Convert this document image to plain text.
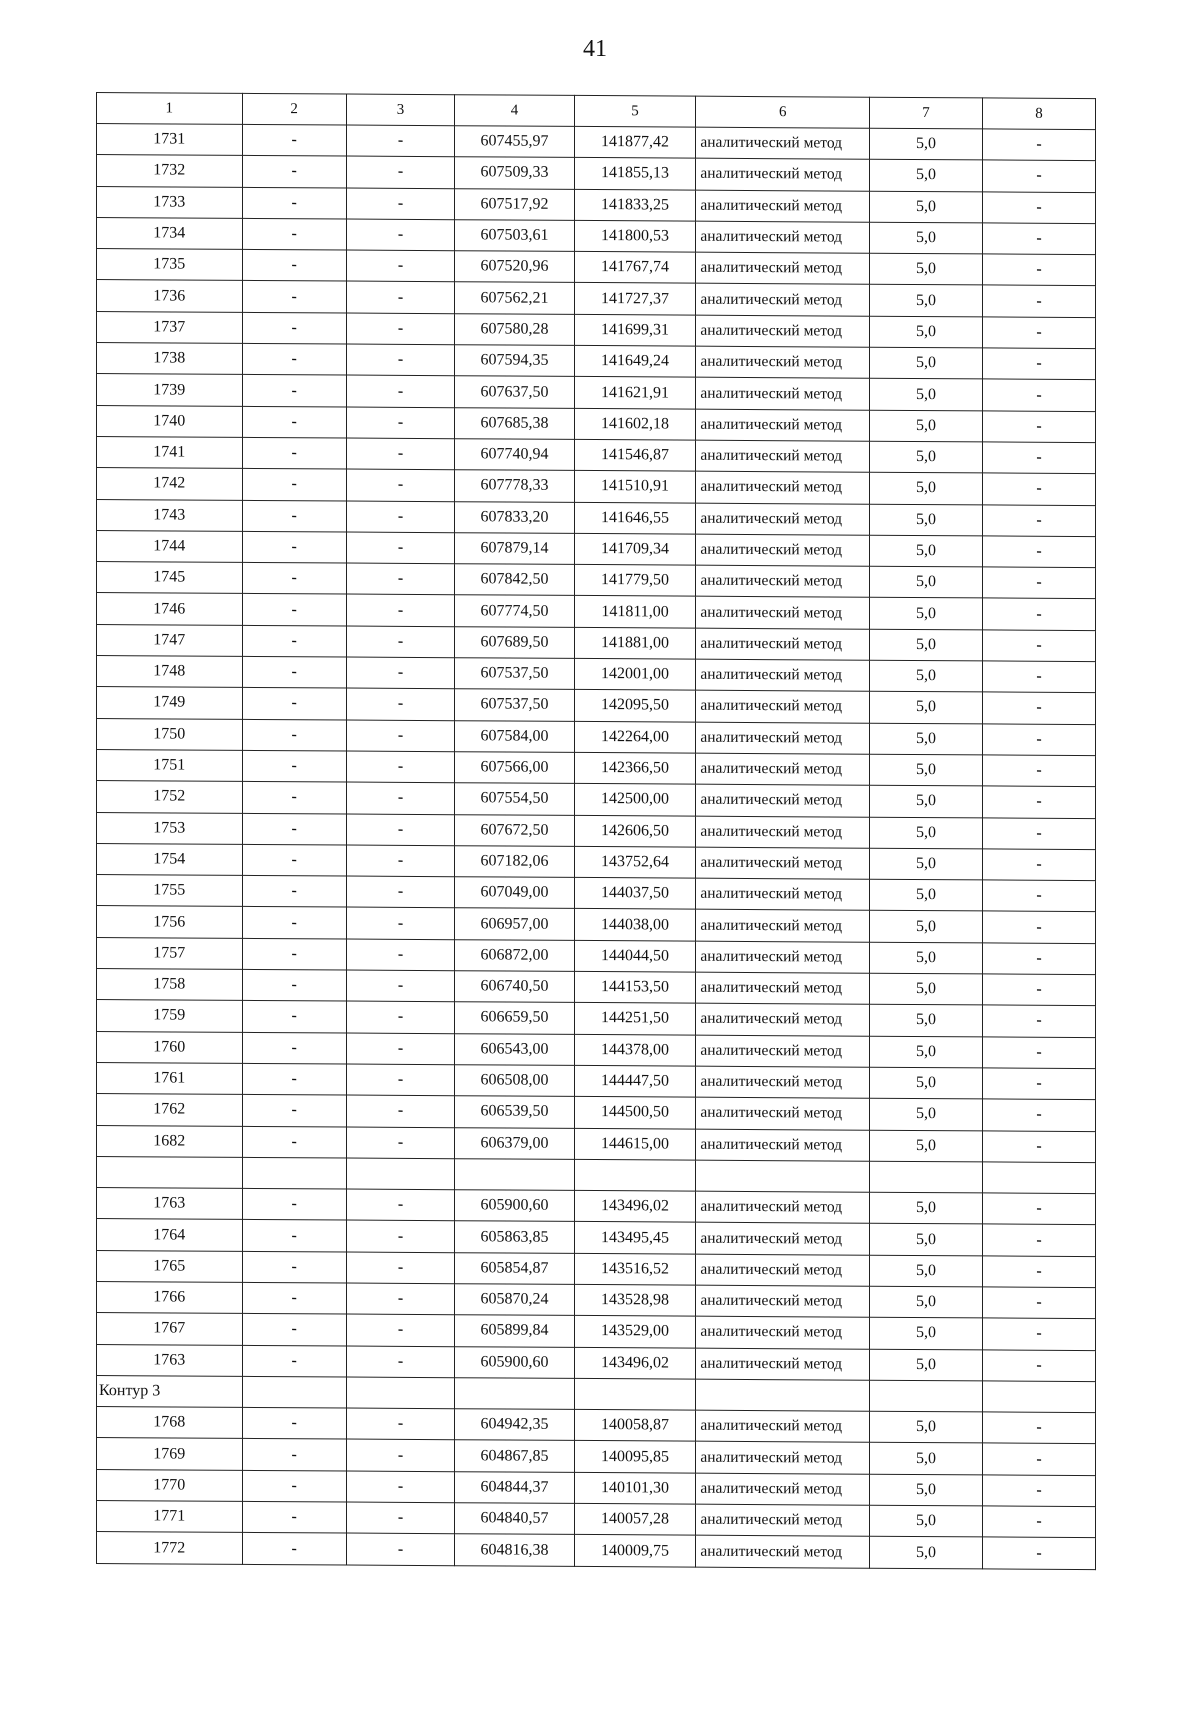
41
1	2	3	4	5	6	7	8
1731	-	-	607455,97	141877,42	аналитический метод	5,0	-
1732	-	-	607509,33	141855,13	аналитический метод	5,0	-
1733	-	-	607517,92	141833,25	аналитический метод	5,0	-
1734	-	-	607503,61	141800,53	аналитический метод	5,0	-
1735	-	-	607520,96	141767,74	аналитический метод	5,0	-
1736	-	-	607562,21	141727,37	аналитический метод	5,0	-
1737	-	-	607580,28	141699,31	аналитический метод	5,0	-
1738	-	-	607594,35	141649,24	аналитический метод	5,0	-
1739	-	-	607637,50	141621,91	аналитический метод	5,0	-
1740	-	-	607685,38	141602,18	аналитический метод	5,0	-
1741	-	-	607740,94	141546,87	аналитический метод	5,0	-
1742	-	-	607778,33	141510,91	аналитический метод	5,0	-
1743	-	-	607833,20	141646,55	аналитический метод	5,0	-
1744	-	-	607879,14	141709,34	аналитический метод	5,0	-
1745	-	-	607842,50	141779,50	аналитический метод	5,0	-
1746	-	-	607774,50	141811,00	аналитический метод	5,0	-
1747	-	-	607689,50	141881,00	аналитический метод	5,0	-
1748	-	-	607537,50	142001,00	аналитический метод	5,0	-
1749	-	-	607537,50	142095,50	аналитический метод	5,0	-
1750	-	-	607584,00	142264,00	аналитический метод	5,0	-
1751	-	-	607566,00	142366,50	аналитический метод	5,0	-
1752	-	-	607554,50	142500,00	аналитический метод	5,0	-
1753	-	-	607672,50	142606,50	аналитический метод	5,0	-
1754	-	-	607182,06	143752,64	аналитический метод	5,0	-
1755	-	-	607049,00	144037,50	аналитический метод	5,0	-
1756	-	-	606957,00	144038,00	аналитический метод	5,0	-
1757	-	-	606872,00	144044,50	аналитический метод	5,0	-
1758	-	-	606740,50	144153,50	аналитический метод	5,0	-
1759	-	-	606659,50	144251,50	аналитический метод	5,0	-
1760	-	-	606543,00	144378,00	аналитический метод	5,0	-
1761	-	-	606508,00	144447,50	аналитический метод	5,0	-
1762	-	-	606539,50	144500,50	аналитический метод	5,0	-
1682	-	-	606379,00	144615,00	аналитический метод	5,0	-

1763	-	-	605900,60	143496,02	аналитический метод	5,0	-
1764	-	-	605863,85	143495,45	аналитический метод	5,0	-
1765	-	-	605854,87	143516,52	аналитический метод	5,0	-
1766	-	-	605870,24	143528,98	аналитический метод	5,0	-
1767	-	-	605899,84	143529,00	аналитический метод	5,0	-
1763	-	-	605900,60	143496,02	аналитический метод	5,0	-
Контур 3							
1768	-	-	604942,35	140058,87	аналитический метод	5,0	-
1769	-	-	604867,85	140095,85	аналитический метод	5,0	-
1770	-	-	604844,37	140101,30	аналитический метод	5,0	-
1771	-	-	604840,57	140057,28	аналитический метод	5,0	-
1772	-	-	604816,38	140009,75	аналитический метод	5,0	-
